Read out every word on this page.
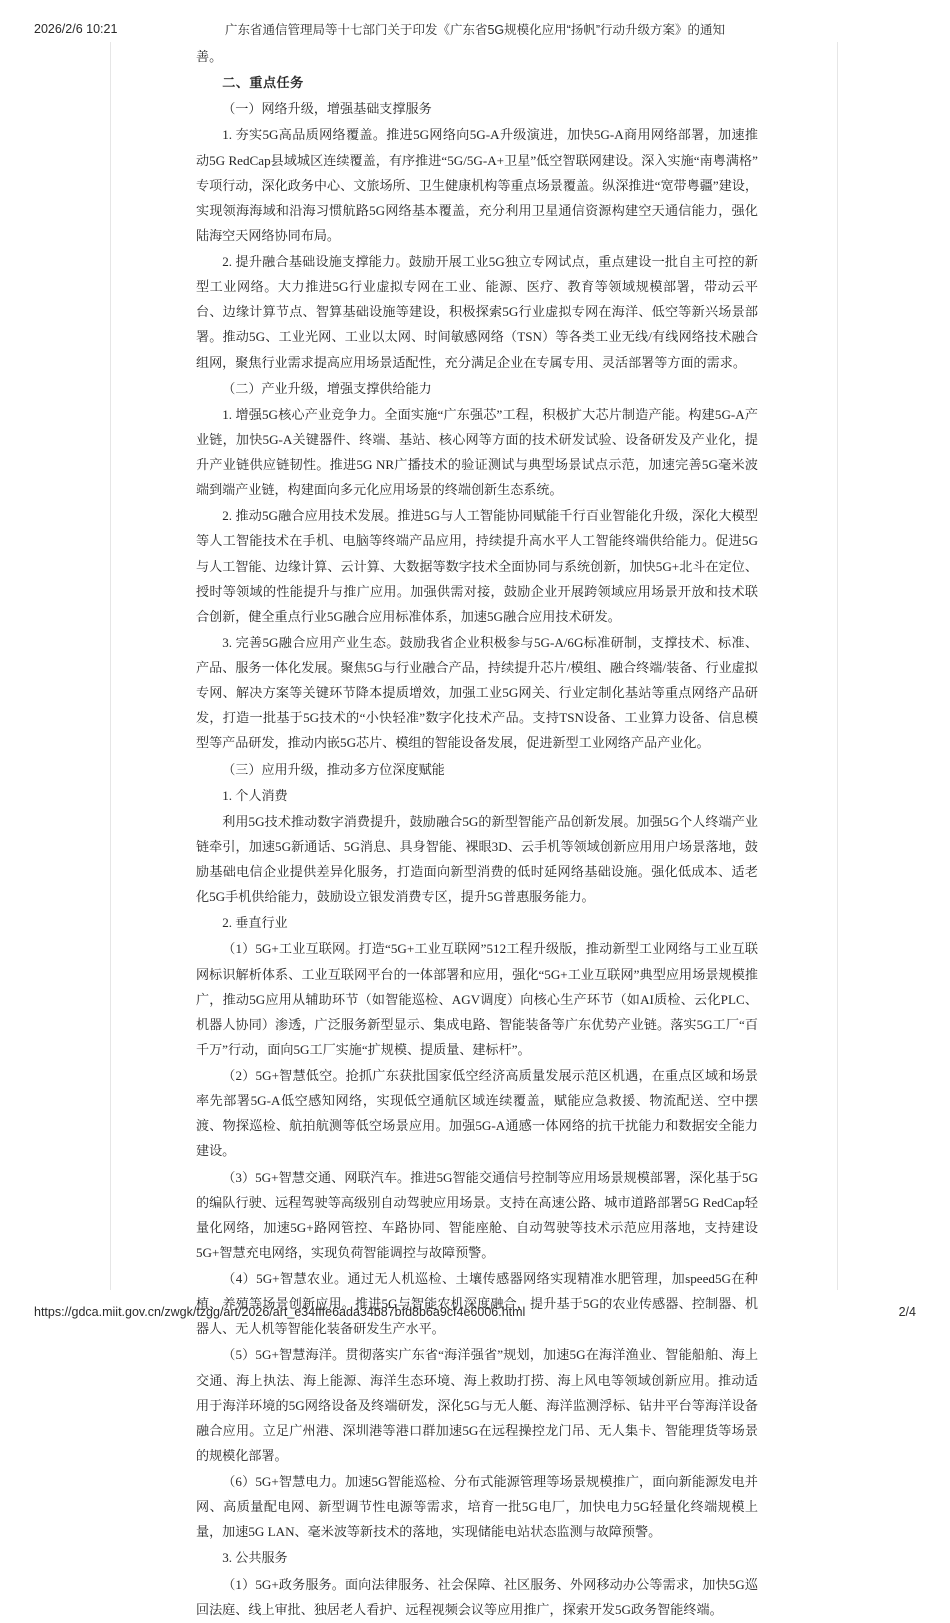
2026/2/6 10:21	广东省通信管理局等十七部门关于印发《广东省5G规模化应用“扬帆”行动升级方案》的通知

善。

二、重点任务

（一）网络升级，增强基础支撑服务

1. 夯实5G高品质网络覆盖。推进5G网络向5G-A升级演进，加快5G-A商用网络部署，加速推动5G RedCap县域城区连续覆盖，有序推进“5G/5G-A+卫星”低空智联网建设。深入实施“南粤满格”专项行动，深化政务中心、文旅场所、卫生健康机构等重点场景覆盖。纵深推进“宽带粤疆”建设，实现领海海域和沿海习惯航路5G网络基本覆盖，充分利用卫星通信资源构建空天通信能力，强化陆海空天网络协同布局。

2. 提升融合基础设施支撑能力。鼓励开展工业5G独立专网试点，重点建设一批自主可控的新型工业网络。大力推进5G行业虚拟专网在工业、能源、医疗、教育等领域规模部署，带动云平台、边缘计算节点、智算基础设施等建设，积极探索5G行业虚拟专网在海洋、低空等新兴场景部署。推动5G、工业光网、工业以太网、时间敏感网络（TSN）等各类工业无线/有线网络技术融合组网，聚焦行业需求提高应用场景适配性，充分满足企业在专属专用、灵活部署等方面的需求。

（二）产业升级，增强支撑供给能力

1. 增强5G核心产业竞争力。全面实施“广东强芯”工程，积极扩大芯片制造产能。构建5G-A产业链，加快5G-A关键器件、终端、基站、核心网等方面的技术研发试验、设备研发及产业化，提升产业链供应链韧性。推进5G NR广播技术的验证测试与典型场景试点示范，加速完善5G毫米波端到端产业链，构建面向多元化应用场景的终端创新生态系统。

2. 推动5G融合应用技术发展。推进5G与人工智能协同赋能千行百业智能化升级，深化大模型等人工智能技术在手机、电脑等终端产品应用，持续提升高水平人工智能终端供给能力。促进5G与人工智能、边缘计算、云计算、大数据等数字技术全面协同与系统创新，加快5G+北斗在定位、授时等领域的性能提升与推广应用。加强供需对接，鼓励企业开展跨领域应用场景开放和技术联合创新，健全重点行业5G融合应用标准体系，加速5G融合应用技术研发。

3. 完善5G融合应用产业生态。鼓励我省企业积极参与5G-A/6G标准研制，支撑技术、标准、产品、服务一体化发展。聚焦5G与行业融合产品，持续提升芯片/模组、融合终端/装备、行业虚拟专网、解决方案等关键环节降本提质增效，加强工业5G网关、行业定制化基站等重点网络产品研发，打造一批基于5G技术的“小快轻准”数字化技术产品。支持TSN设备、工业算力设备、信息模型等产品研发，推动内嵌5G芯片、模组的智能设备发展，促进新型工业网络产品产业化。

（三）应用升级，推动多方位深度赋能

1. 个人消费

利用5G技术推动数字消费提升，鼓励融合5G的新型智能产品创新发展。加强5G个人终端产业链牵引，加速5G新通话、5G消息、具身智能、裸眼3D、云手机等领域创新应用用户场景落地，鼓励基础电信企业提供差异化服务，打造面向新型消费的低时延网络基础设施。强化低成本、适老化5G手机供给能力，鼓励设立银发消费专区，提升5G普惠服务能力。

2. 垂直行业

（1）5G+工业互联网。打造“5G+工业互联网”512工程升级版，推动新型工业网络与工业互联网标识解析体系、工业互联网平台的一体部署和应用，强化“5G+工业互联网”典型应用场景规模推广，推动5G应用从辅助环节（如智能巡检、AGV调度）向核心生产环节（如AI质检、云化PLC、机器人协同）渗透，广泛服务新型显示、集成电路、智能装备等广东优势产业链。落实5G工厂“百千万”行动，面向5G工厂实施“扩规模、提质量、建标杆”。

（2）5G+智慧低空。抢抓广东获批国家低空经济高质量发展示范区机遇，在重点区域和场景率先部署5G-A低空感知网络，实现低空通航区域连续覆盖，赋能应急救援、物流配送、空中摆渡、物探巡检、航拍航测等低空场景应用。加强5G-A通感一体网络的抗干扰能力和数据安全能力建设。

（3）5G+智慧交通、网联汽车。推进5G智能交通信号控制等应用场景规模部署，深化基于5G的编队行驶、远程驾驶等高级别自动驾驶应用场景。支持在高速公路、城市道路部署5G RedCap轻量化网络，加速5G+路网管控、车路协同、智能座舱、自动驾驶等技术示范应用落地，支持建设5G+智慧充电网络，实现负荷智能调控与故障预警。

（4）5G+智慧农业。通过无人机巡检、土壤传感器网络实现精准水肥管理，加speed5G在种植、养殖等场景创新应用。推进5G与智能农机深度融合，提升基于5G的农业传感器、控制器、机器人、无人机等智能化装备研发生产水平。

（5）5G+智慧海洋。贯彻落实广东省“海洋强省”规划，加速5G在海洋渔业、智能船舶、海上交通、海上执法、海上能源、海洋生态环境、海上救助打捞、海上风电等领域创新应用。推动适用于海洋环境的5G网络设备及终端研发，深化5G与无人艇、海洋监测浮标、钻井平台等海洋设备融合应用。立足广州港、深圳港等港口群加速5G在远程操控龙门吊、无人集卡、智能理货等场景的规模化部署。

（6）5G+智慧电力。加速5G智能巡检、分布式能源管理等场景规模推广，面向新能源发电并网、高质量配电网、新型调节性电源等需求，培育一批5G电厂，加快电力5G轻量化终端规模上量，加速5G LAN、毫米波等新技术的落地，实现储能电站状态监测与故障预警。

3. 公共服务

（1）5G+政务服务。面向法律服务、社会保障、社区服务、外网移动办公等需求，加快5G巡回法庭、线上审批、独居老人看护、远程视频会议等应用推广，探索开发5G政务智能终端。

https://gdca.miit.gov.cn/zwgk/tzgg/art/2026/art_e34fffe6ada34b87bfd8b6a9cf4e6006.html	2/4
